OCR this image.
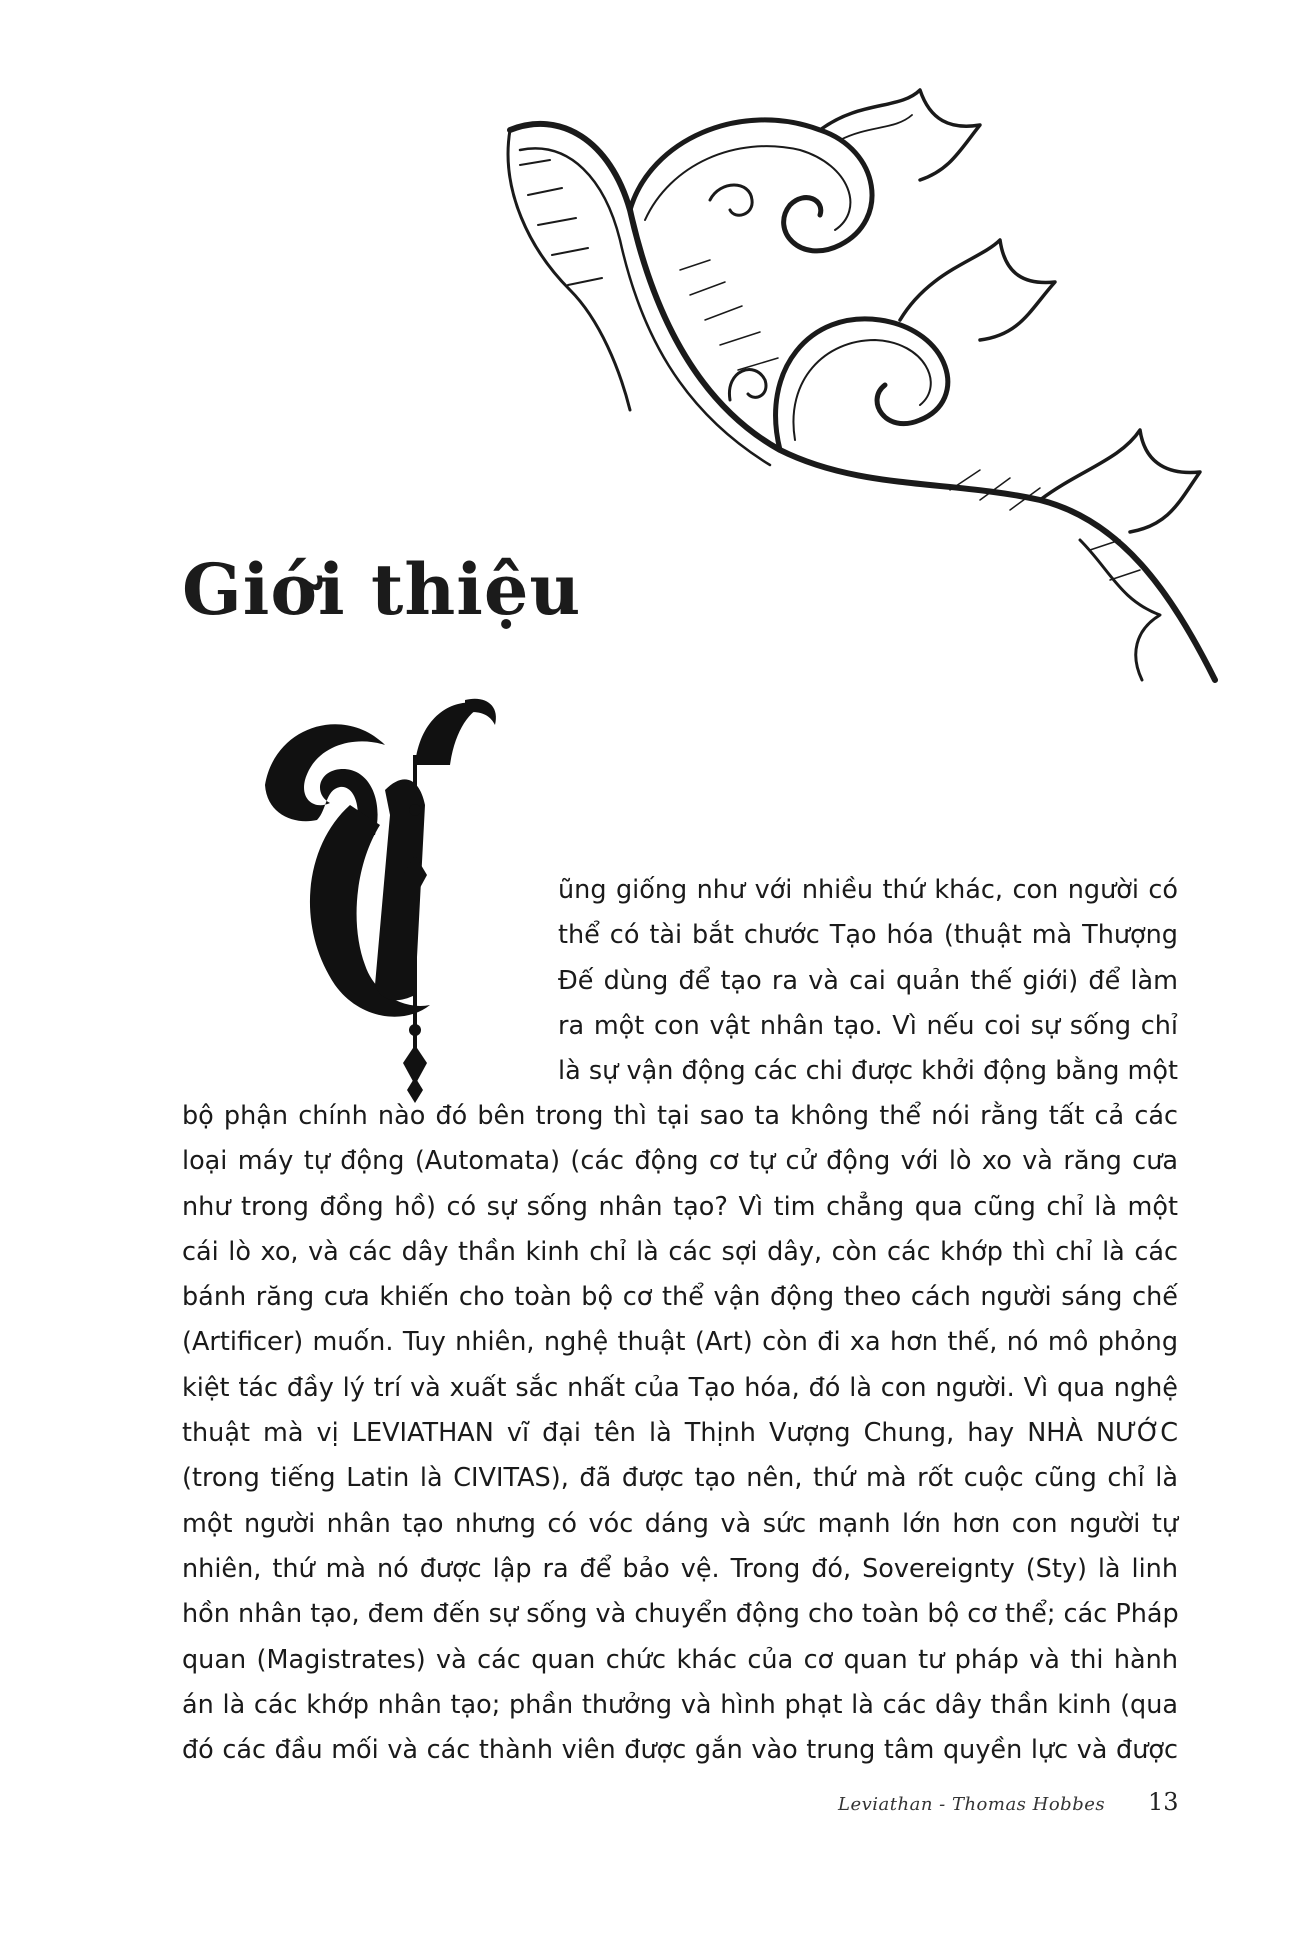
Giới thiệu
ũng giống như với nhiều thứ khác, con người có
thể có tài bắt chước Tạo hóa (thuật mà Thượng
Đế dùng để tạo ra và cai quản thế giới) để làm
ra một con vật nhân tạo. Vì nếu coi sự sống chỉ
là sự vận động các chi được khởi động bằng một
bộ phận chính nào đó bên trong thì tại sao ta không thể nói rằng tất cả các
loại máy tự động (Automata) (các động cơ tự cử động với lò xo và răng cưa
như trong đồng hồ) có sự sống nhân tạo? Vì tim chẳng qua cũng chỉ là một
cái lò xo, và các dây thần kinh chỉ là các sợi dây, còn các khớp thì chỉ là các
bánh răng cưa khiến cho toàn bộ cơ thể vận động theo cách người sáng chế
(Artificer) muốn. Tuy nhiên, nghệ thuật (Art) còn đi xa hơn thế, nó mô phỏng
kiệt tác đầy lý trí và xuất sắc nhất của Tạo hóa, đó là con người. Vì qua nghệ
thuật mà vị LEVIATHAN vĩ đại tên là Thịnh Vượng Chung, hay NHÀ NƯỚC
(trong tiếng Latin là CIVITAS), đã được tạo nên, thứ mà rốt cuộc cũng chỉ là
một người nhân tạo nhưng có vóc dáng và sức mạnh lớn hơn con người tự
nhiên, thứ mà nó được lập ra để bảo vệ. Trong đó, Sovereignty (Sty) là linh
hồn nhân tạo, đem đến sự sống và chuyển động cho toàn bộ cơ thể; các Pháp
quan (Magistrates) và các quan chức khác của cơ quan tư pháp và thi hành
án là các khớp nhân tạo; phần thưởng và hình phạt là các dây thần kinh (qua
đó các đầu mối và các thành viên được gắn vào trung tâm quyền lực và được
Leviathan - Thomas Hobbes 13
